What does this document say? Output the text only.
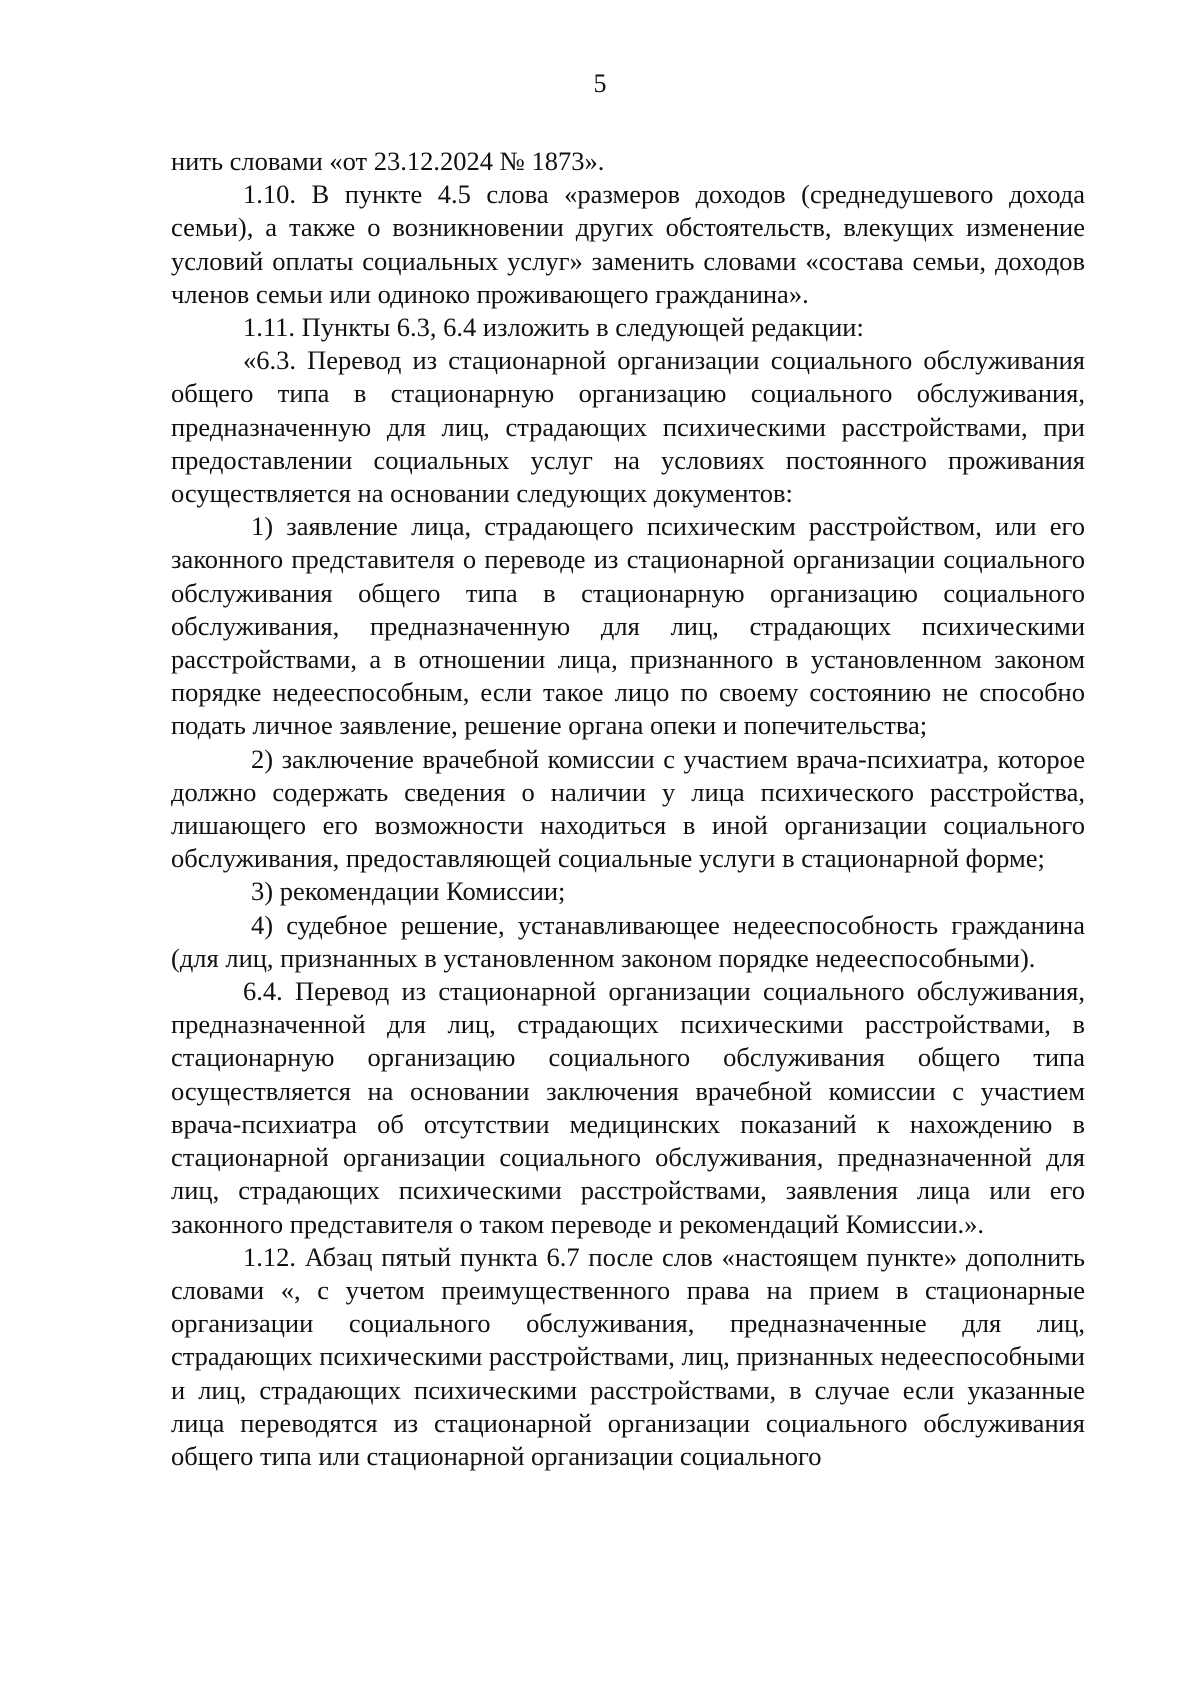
5

нить словами «от 23.12.2024 № 1873».

1.10. В пункте 4.5 слова «размеров доходов (среднедушевого дохода семьи), а также о возникновении других обстоятельств, влекущих изменение условий оплаты социальных услуг» заменить словами «состава семьи, доходов членов семьи или одиноко проживающего гражданина».

1.11. Пункты 6.3, 6.4 изложить в следующей редакции:

«6.3. Перевод из стационарной организации социального обслуживания общего типа в стационарную организацию социального обслуживания, предназначенную для лиц, страдающих психическими расстройствами, при предоставлении социальных услуг на условиях постоянного проживания осуществляется на основании следующих документов:

1) заявление лица, страдающего психическим расстройством, или его законного представителя о переводе из стационарной организации социального обслуживания общего типа в стационарную организацию социального обслуживания, предназначенную для лиц, страдающих психическими расстройствами, а в отношении лица, признанного в установленном законом порядке недееспособным, если такое лицо по своему состоянию не способно подать личное заявление, решение органа опеки и попечительства;

2) заключение врачебной комиссии с участием врача-психиатра, которое должно содержать сведения о наличии у лица психического расстройства, лишающего его возможности находиться в иной организации социального обслуживания, предоставляющей социальные услуги в стационарной форме;

3) рекомендации Комиссии;

4) судебное решение, устанавливающее недееспособность гражданина (для лиц, признанных в установленном законом порядке недееспособными).

6.4. Перевод из стационарной организации социального обслуживания, предназначенной для лиц, страдающих психическими расстройствами, в стационарную организацию социального обслуживания общего типа осуществляется на основании заключения врачебной комиссии с участием врача-психиатра об отсутствии медицинских показаний к нахождению в стационарной организации социального обслуживания, предназначенной для лиц, страдающих психическими расстройствами, заявления лица или его законного представителя о таком переводе и рекомендаций Комиссии.».

1.12. Абзац пятый пункта 6.7 после слов «настоящем пункте» дополнить словами «, с учетом преимущественного права на прием в стационарные организации социального обслуживания, предназначенные для лиц, страдающих психическими расстройствами, лиц, признанных недееспособными и лиц, страдающих психическими расстройствами, в случае если указанные лица переводятся из стационарной организации социального обслуживания общего типа или стационарной организации социального
